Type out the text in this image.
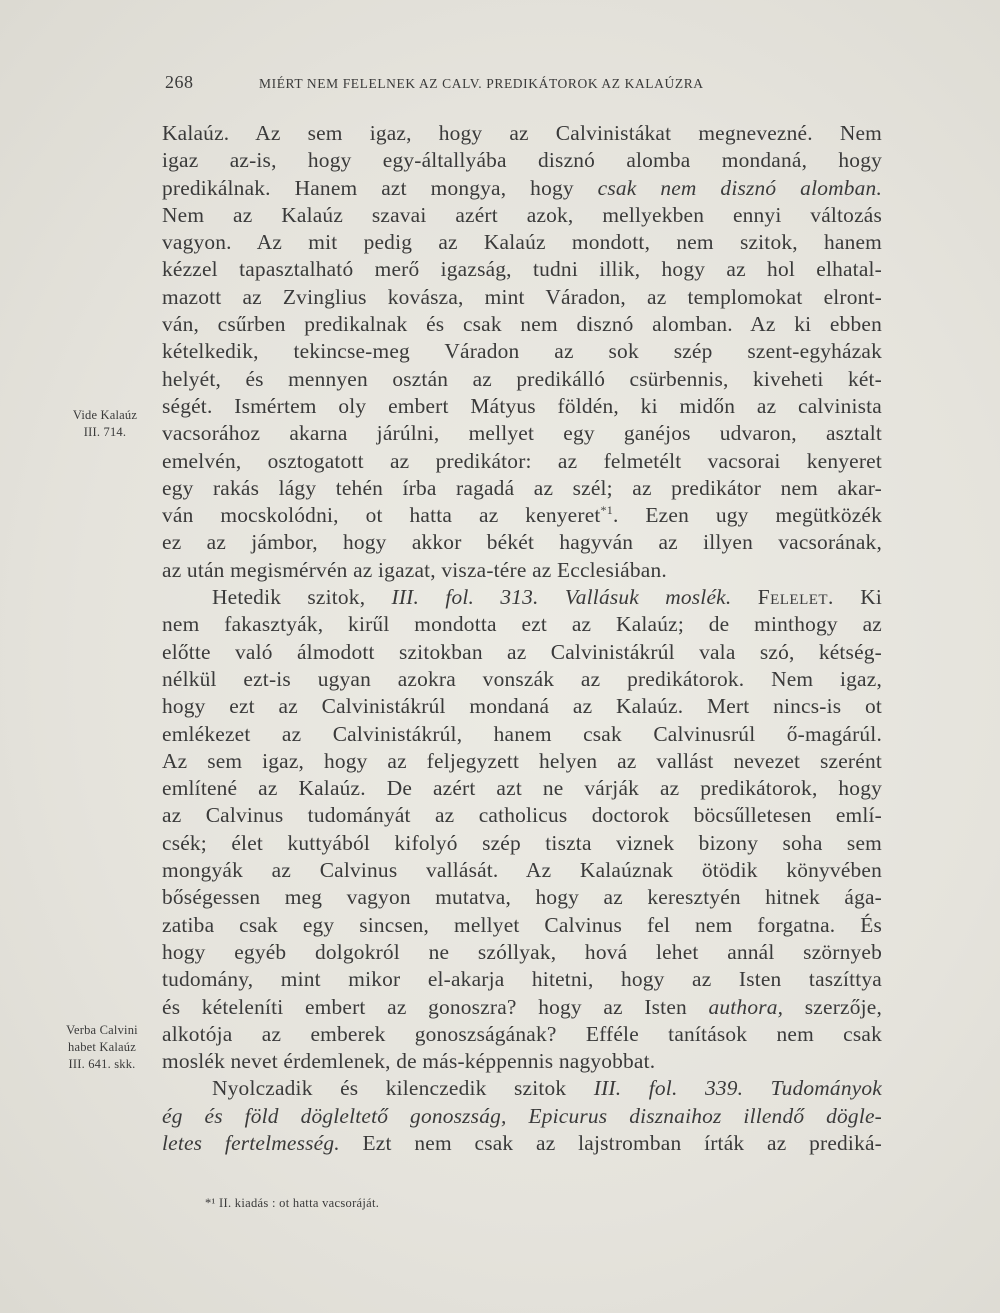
268	MIÉRT NEM FELELNEK AZ CALV. PREDIKÁTOROK AZ KALAÚZRA
Kalaúz. Az sem igaz, hogy az Calvinistákat megnevezné. Nem
igaz az-is, hogy egy-általlyába disznó alomba mondaná, hogy
predikálnak. Hanem azt mongya, hogy csak nem disznó alomban.
Nem az Kalaúz szavai azért azok, mellyekben ennyi változás
vagyon. Az mit pedig az Kalaúz mondott, nem szitok, hanem
kézzel tapasztalható merő igazság, tudni illik, hogy az hol elhatal-
mazott az Zvinglius kovásza, mint Váradon, az templomokat elront-
ván, csűrben predikalnak és csak nem disznó alomban. Az ki ebben
kételkedik, tekincse-meg Váradon az sok szép szent-egyházak
helyét, és mennyen osztán az predikálló csürbennis, kiveheti két-
ségét. Ismértem oly embert Mátyus földén, ki midőn az calvinista
vacsorához akarna járúlni, mellyet egy ganéjos udvaron, asztalt
emelvén, osztogatott az predikátor: az felmetélt vacsorai kenyeret
egy rakás lágy tehén írba ragadá az szél; az predikátor nem akar-
ván mocskolódni, ot hatta az kenyeret$^{*1}$. Ezen ugy megütközék
ez az jámbor, hogy akkor békét hagyván az illyen vacsorának,
az után megismérvén az igazat, visza-tére az Ecclesiában.
Hetedik szitok, III. fol. 313. Vallásuk moslék. Felelet. Ki
nem fakasztyák, kirűl mondotta ezt az Kalaúz; de minthogy az
előtte való álmodott szitokban az Calvinistákrúl vala szó, kétség-
nélkül ezt-is ugyan azokra vonszák az predikátorok. Nem igaz,
hogy ezt az Calvinistákrúl mondaná az Kalaúz. Mert nincs-is ot
emlékezet az Calvinistákrúl, hanem csak Calvinusrúl ő-magárúl.
Az sem igaz, hogy az feljegyzett helyen az vallást nevezet szerént
említené az Kalaúz. De azért azt ne várják az predikátorok, hogy
az Calvinus tudományát az catholicus doctorok böcsűlletesen emlí-
csék; élet kuttyából kifolyó szép tiszta viznek bizony soha sem
mongyák az Calvinus vallását. Az Kalaúznak ötödik könyvében
bőségessen meg vagyon mutatva, hogy az keresztyén hitnek ága-
zatiba csak egy sincsen, mellyet Calvinus fel nem forgatna. És
hogy egyéb dolgokról ne szóllyak, hová lehet annál szörnyeb
tudomány, mint mikor el-akarja hitetni, hogy az Isten taszíttya
és kételeníti embert az gonoszra? hogy az Isten authora, szerzője,
alkotója az emberek gonoszságának? Efféle tanítások nem csak
moslék nevet érdemlenek, de más-képpennis nagyobbat.
Nyolczadik és kilenczedik szitok III. fol. 339. Tudományok
ég és föld dögleltető gonoszság, Epicurus disznaihoz illendő dögle-
letes fertelmesség. Ezt nem csak az lajstromban írták az prediká-
Vide Kalaúz
III. 714.
Verba Calvini
habet Kalaúz
III. 641. skk.
*¹ II. kiadás : ot hatta vacsoráját.
